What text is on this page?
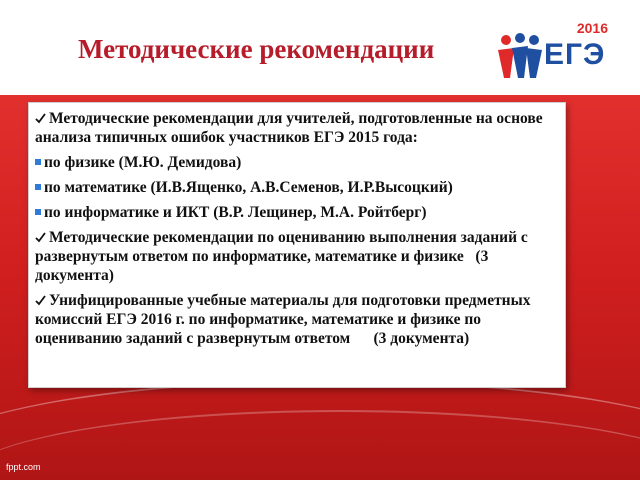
Методические рекомендации
2016
ЕГЭ
Методические рекомендации для учителей, подготовленные на основе анализа типичных ошибок участников ЕГЭ 2015 года:
по физике (М.Ю. Демидова)
по математике (И.В.Ященко, А.В.Семенов, И.Р.Высоцкий)
по информатике и ИКТ (В.Р. Лещинер, М.А. Ройтберг)
Методические рекомендации по оцениванию выполнения заданий с развернутым ответом по информатике, математике и физике   (3 документа)
Унифицированные учебные материалы для подготовки предметных комиссий ЕГЭ 2016 г. по информатике, математике и физике по оцениванию заданий с развернутым ответом      (3 документа)
fppt.com
